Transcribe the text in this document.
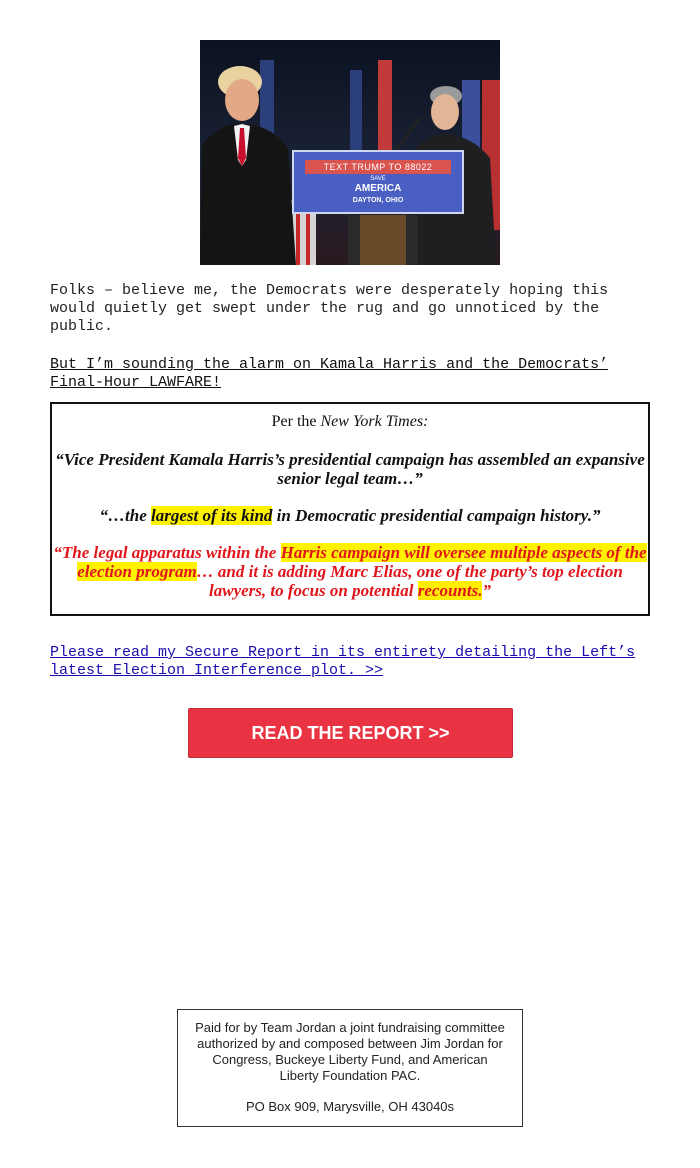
TEXT TRUMP TO 88022
SAVE
AMERICA
DAYTON, OHIO

Folks – believe me, the Democrats were desperately hoping this would quietly get swept under the rug and go unnoticed by the public.

But I’m sounding the alarm on Kamala Harris and the Democrats’ Final-Hour LAWFARE!

Per the New York Times:

“Vice President Kamala Harris’s presidential campaign has assembled an expansive senior legal team…”

“…the largest of its kind in Democratic presidential campaign history.”

“The legal apparatus within the Harris campaign will oversee multiple aspects of the election program… and it is adding Marc Elias, one of the party’s top election lawyers, to focus on potential recounts.”

Please read my Secure Report in its entirety detailing the Left’s latest Election Interference plot. >>
READ THE REPORT >>

Paid for by Team Jordan a joint fundraising committee authorized by and composed between Jim Jordan for Congress, Buckeye Liberty Fund, and American Liberty Foundation PAC.

PO Box 909, Marysville, OH 43040s
